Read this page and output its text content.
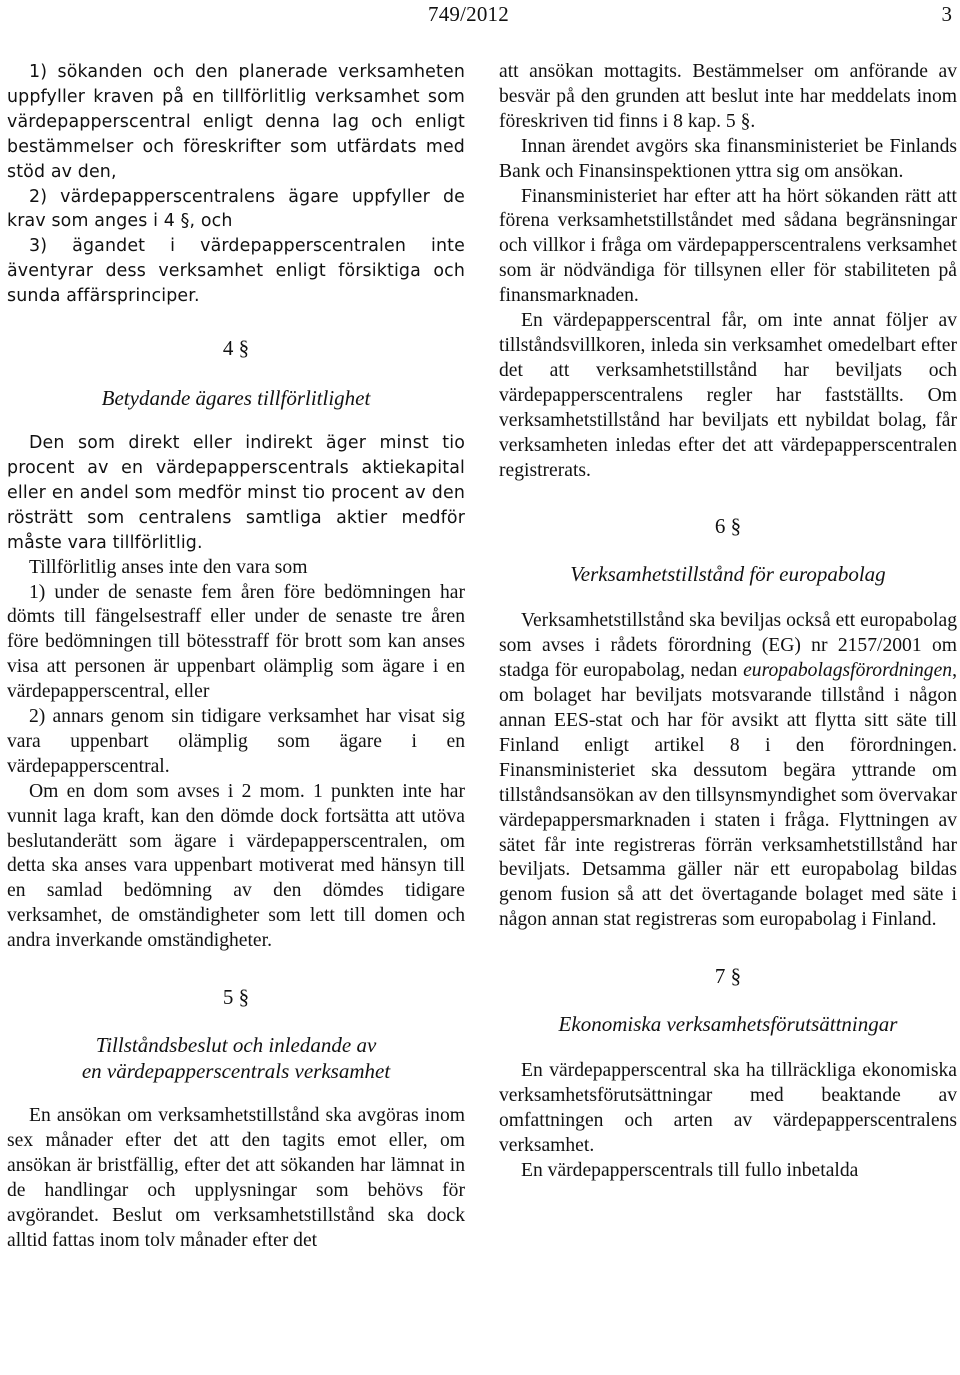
749/2012	3

1) sökanden och den planerade verksamheten uppfyller kraven på en tillförlitlig verksamhet som värdepapperscentral enligt denna lag och enligt bestämmelser och föreskrifter som utfärdats med stöd av den,

2) värdepapperscentralens ägare uppfyller de krav som anges i 4 §, och

3) ägandet i värdepapperscentralen inte äventyrar dess verksamhet enligt försiktiga och sunda affärsprinciper.

4 §

Betydande ägares tillförlitlighet

Den som direkt eller indirekt äger minst tio procent av en värdepapperscentrals aktiekapital eller en andel som medför minst tio procent av den rösträtt som centralens samtliga aktier medför måste vara tillförlitlig.

Tillförlitlig anses inte den vara som

1) under de senaste fem åren före bedömningen har dömts till fängelsestraff eller under de senaste tre åren före bedömningen till bötesstraff för brott som kan anses visa att personen är uppenbart olämplig som ägare i en värdepapperscentral, eller

2) annars genom sin tidigare verksamhet har visat sig vara uppenbart olämplig som ägare i en värdepapperscentral.

Om en dom som avses i 2 mom. 1 punkten inte har vunnit laga kraft, kan den dömde dock fortsätta att utöva beslutanderätt som ägare i värdepapperscentralen, om detta ska anses vara uppenbart motiverat med hänsyn till en samlad bedömning av den dömdes tidigare verksamhet, de omständigheter som lett till domen och andra inverkande omständigheter.

5 §

Tillståndsbeslut och inledande av

en värdepapperscentrals verksamhet

En ansökan om verksamhetstillstånd ska avgöras inom sex månader efter det att den tagits emot eller, om ansökan är bristfällig, efter det att sökanden har lämnat in de handlingar och upplysningar som behövs för avgörandet. Beslut om verksamhetstillstånd ska dock alltid fattas inom tolv månader efter det

att ansökan mottagits. Bestämmelser om anförande av besvär på den grunden att beslut inte har meddelats inom föreskriven tid finns i 8 kap. 5 §.

Innan ärendet avgörs ska finansministeriet be Finlands Bank och Finansinspektionen yttra sig om ansökan.

Finansministeriet har efter att ha hört sökanden rätt att förena verksamhetstillståndet med sådana begränsningar och villkor i fråga om värdepapperscentralens verksamhet som är nödvändiga för tillsynen eller för stabiliteten på finansmarknaden.

En värdepapperscentral får, om inte annat följer av tillståndsvillkoren, inleda sin verksamhet omedelbart efter det att verksamhetstillstånd har beviljats och värdepapperscentralens regler har fastställts. Om verksamhetstillstånd har beviljats ett nybildat bolag, får verksamheten inledas efter det att värdepapperscentralen registrerats.

6 §

Verksamhetstillstånd för europabolag

Verksamhetstillstånd ska beviljas också ett europabolag som avses i rådets förordning (EG) nr 2157/2001 om stadga för europabolag, nedan europabolagsförordningen, om bolaget har beviljats motsvarande tillstånd i någon annan EES-stat och har för avsikt att flytta sitt säte till Finland enligt artikel 8 i den förordningen. Finansministeriet ska dessutom begära yttrande om tillståndsansökan av den tillsynsmyndighet som övervakar värdepappersmarknaden i staten i fråga. Flyttningen av sätet får inte registreras förrän verksamhetstillstånd har beviljats. Detsamma gäller när ett europabolag bildas genom fusion så att det övertagande bolaget med säte i någon annan stat registreras som europabolag i Finland.

7 §

Ekonomiska verksamhetsförutsättningar

En värdepapperscentral ska ha tillräckliga ekonomiska verksamhetsförutsättningar med beaktande av omfattningen och arten av värdepapperscentralens verksamhet.

En värdepapperscentrals till fullo inbetalda
